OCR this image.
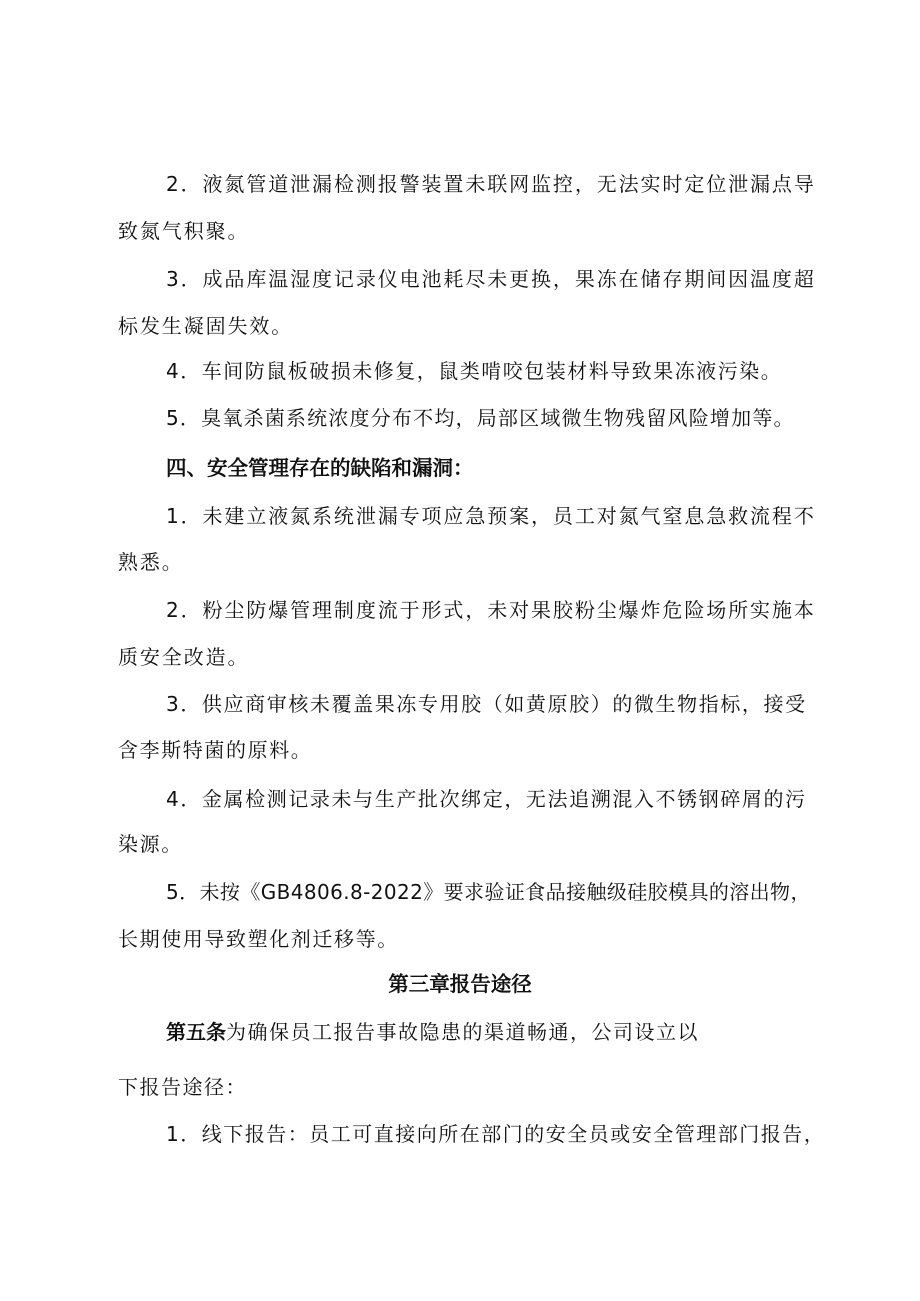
2．液氮管道泄漏检测报警装置未联网监控，无法实时定位泄漏点导
致氮气积聚。
3．成品库温湿度记录仪电池耗尽未更换，果冻在储存期间因温度超
标发生凝固失效。
4．车间防鼠板破损未修复，鼠类啃咬包装材料导致果冻液污染。
5．臭氧杀菌系统浓度分布不均，局部区域微生物残留风险增加等。
四、安全管理存在的缺陷和漏洞：
1．未建立液氮系统泄漏专项应急预案，员工对氮气窒息急救流程不
熟悉。
2．粉尘防爆管理制度流于形式，未对果胶粉尘爆炸危险场所实施本
质安全改造。
3．供应商审核未覆盖果冻专用胶（如黄原胶）的微生物指标，接受
含李斯特菌的原料。
4．金属检测记录未与生产批次绑定，无法追溯混入不锈钢碎屑的污
染源。
5．未按《GB4806.8-2022》要求验证食品接触级硅胶模具的溶出物，
长期使用导致塑化剂迁移等。
第三章报告途径
第五条为确保员工报告事故隐患的渠道畅通，公司设立以
下报告途径：
1．线下报告：员工可直接向所在部门的安全员或安全管理部门报告，
